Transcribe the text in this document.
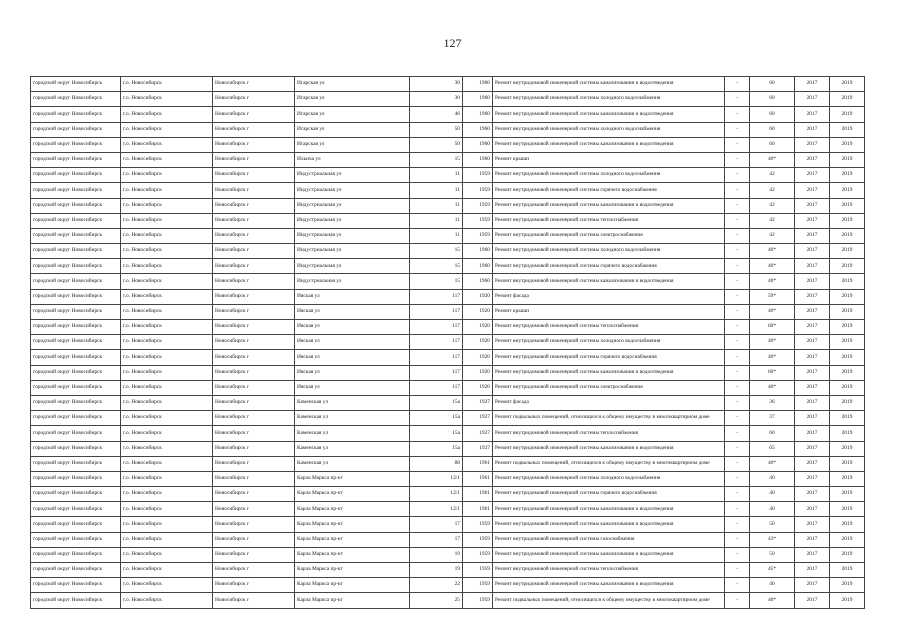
127
городской округ Новосибирск	г.о. Новосибирск	Новосибирск г	Игарская ул	30	1960	Ремонт внутридомовой инженерной системы канализования и водоотведения	-	60	2017	2019
городской округ Новосибирск	г.о. Новосибирск	Новосибирск г	Игарская ул	30	1960	Ремонт внутридомовой инженерной системы холодного водоснабжения	-	60	2017	2019
городской округ Новосибирск	г.о. Новосибирск	Новосибирск г	Игарская ул	46	1960	Ремонт внутридомовой инженерной системы канализования и водоотведения	-	60	2017	2019
городской округ Новосибирск	г.о. Новосибирск	Новосибирск г	Игарская ул	50	1960	Ремонт внутридомовой инженерной системы холодного водоснабжения	-	60	2017	2019
городской округ Новосибирск	г.о. Новосибирск	Новосибирск г	Игарская ул	50	1960	Ремонт внутридомовой инженерной системы канализования и водоотведения	-	60	2017	2019
городской округ Новосибирск	г.о. Новосибирск	Новосибирск г	Ильича ул	15	1960	Ремонт крыши	-	40*	2017	2019
городской округ Новосибирск	г.о. Новосибирск	Новосибирск г	Индустриальная ул	11	1959	Ремонт внутридомовой инженерной системы холодного водоснабжения	-	42	2017	2019
городской округ Новосибирск	г.о. Новосибирск	Новосибирск г	Индустриальная ул	11	1959	Ремонт внутридомовой инженерной системы горячего водоснабжения	-	42	2017	2019
городской округ Новосибирск	г.о. Новосибирск	Новосибирск г	Индустриальная ул	11	1959	Ремонт внутридомовой инженерной системы канализования и водоотведения	-	42	2017	2019
городской округ Новосибирск	г.о. Новосибирск	Новосибирск г	Индустриальная ул	11	1959	Ремонт внутридомовой инженерной системы теплоснабжения	-	42	2017	2019
городской округ Новосибирск	г.о. Новосибирск	Новосибирск г	Индустриальная ул	11	1959	Ремонт внутридомовой инженерной системы электроснабжения	-	42	2017	2019
городской округ Новосибирск	г.о. Новосибирск	Новосибирск г	Индустриальная ул	15	1960	Ремонт внутридомовой инженерной системы холодного водоснабжения	-	40*	2017	2019
городской округ Новосибирск	г.о. Новосибирск	Новосибирск г	Индустриальная ул	15	1960	Ремонт внутридомовой инженерной системы горячего водоснабжения	-	40*	2017	2019
городской округ Новосибирск	г.о. Новосибирск	Новосибирск г	Индустриальная ул	15	1960	Ремонт внутридомовой инженерной системы канализования и водоотведения	-	40*	2017	2019
городской округ Новосибирск	г.о. Новосибирск	Новосибирск г	Ивская ул	117	1920	Ремонт фасада	-	59*	2017	2019
городской округ Новосибирск	г.о. Новосибирск	Новосибирск г	Ивская ул	117	1920	Ремонт крыши	-	40*	2017	2019
городской округ Новосибирск	г.о. Новосибирск	Новосибирск г	Ивская ул	117	1920	Ремонт внутридомовой инженерной системы теплоснабжения	-	60*	2017	2019
городской округ Новосибирск	г.о. Новосибирск	Новосибирск г	Ивская ул	117	1920	Ремонт внутридомовой инженерной системы холодного водоснабжения	-	40*	2017	2019
городской округ Новосибирск	г.о. Новосибирск	Новосибирск г	Ивская ул	117	1920	Ремонт внутридомовой инженерной системы горячего водоснабжения	-	40*	2017	2019
городской округ Новосибирск	г.о. Новосибирск	Новосибирск г	Ивская ул	117	1920	Ремонт внутридомовой инженерной системы канализования и водоотведения	-	60*	2017	2019
городской округ Новосибирск	г.о. Новосибирск	Новосибирск г	Ивская ул	117	1920	Ремонт внутридомовой инженерной системы электроснабжения	-	40*	2017	2019
городской округ Новосибирск	г.о. Новосибирск	Новосибирск г	Каменская ул	15а	1927	Ремонт фасада	-	36	2017	2019
городской округ Новосибирск	г.о. Новосибирск	Новосибирск г	Каменская ул	15а	1927	Ремонт подвальных помещений, относящихся к общему имуществу в многоквартирном доме	-	37	2017	2019
городской округ Новосибирск	г.о. Новосибирск	Новосибирск г	Каменская ул	15а	1927	Ремонт внутридомовой инженерной системы теплоснабжения	-	60	2017	2019
городской округ Новосибирск	г.о. Новосибирск	Новосибирск г	Каменская ул	15а	1927	Ремонт внутридомовой инженерной системы канализования и водоотведения	-	65	2017	2019
городской округ Новосибирск	г.о. Новосибирск	Новосибирск г	Каменская ул	88	1961	Ремонт подвальных помещений, относящихся к общему имуществу в многоквартирном доме	-	40*	2017	2019
городской округ Новосибирск	г.о. Новосибирск	Новосибирск г	Карла Маркса пр-кт	12/1	1961	Ремонт внутридомовой инженерной системы холодного водоснабжения	-	40	2017	2019
городской округ Новосибирск	г.о. Новосибирск	Новосибирск г	Карла Маркса пр-кт	12/1	1961	Ремонт внутридомовой инженерной системы горячего водоснабжения	-	40	2017	2019
городской округ Новосибирск	г.о. Новосибирск	Новосибирск г	Карла Маркса пр-кт	12/1	1961	Ремонт внутридомовой инженерной системы канализования и водоотведения	-	40	2017	2019
городской округ Новосибирск	г.о. Новосибирск	Новосибирск г	Карла Маркса пр-кт	17	1959	Ремонт внутридомовой инженерной системы канализования и водоотведения	-	50	2017	2019
городской округ Новосибирск	г.о. Новосибирск	Новосибирск г	Карла Маркса пр-кт	17	1959	Ремонт внутридомовой инженерной системы газоснабжения	-	43*	2017	2019
городской округ Новосибирск	г.о. Новосибирск	Новосибирск г	Карла Маркса пр-кт	19	1959	Ремонт внутридомовой инженерной системы канализования и водоотведения	-	50	2017	2019
городской округ Новосибирск	г.о. Новосибирск	Новосибирск г	Карла Маркса пр-кт	19	1959	Ремонт внутридомовой инженерной системы теплоснабжения	-	45*	2017	2019
городской округ Новосибирск	г.о. Новосибирск	Новосибирск г	Карла Маркса пр-кт	22	1959	Ремонт внутридомовой инженерной системы канализования и водоотведения	-	40	2017	2019
городской округ Новосибирск	г.о. Новосибирск	Новосибирск г	Карла Маркса пр-кт	25	1959	Ремонт подвальных помещений, относящихся к общему имуществу в многоквартирном доме	-	40*	2017	2019
